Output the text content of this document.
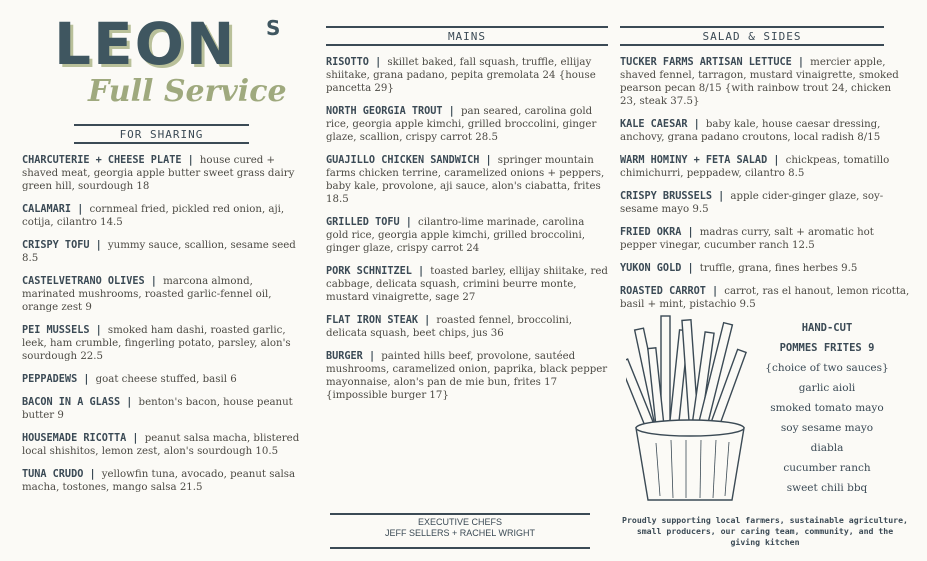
LEON S
Full Service
FOR SHARING
CHARCUTERIE + CHEESE PLATE | house cured + shaved meat, georgia apple butter sweet grass dairy green hill, sourdough 18
CALAMARI | cornmeal fried, pickled red onion, aji, cotija, cilantro 14.5
CRISPY TOFU | yummy sauce, scallion, sesame seed 8.5
CASTELVETRANO OLIVES | marcona almond, marinated mushrooms, roasted garlic-fennel oil, orange zest 9
PEI MUSSELS | smoked ham dashi, roasted garlic, leek, ham crumble, fingerling potato, parsley, alon's sourdough 22.5
PEPPADEWS | goat cheese stuffed, basil 6
BACON IN A GLASS | benton's bacon, house peanut butter 9
HOUSEMADE RICOTTA | peanut salsa macha, blistered local shishitos, lemon zest, alon's sourdough 10.5
TUNA CRUDO | yellowfin tuna, avocado, peanut salsa macha, tostones, mango salsa 21.5
MAINS
RISOTTO | skillet baked, fall squash, truffle, ellijay shiitake, grana padano, pepita gremolata 24 {house pancetta 29}
NORTH GEORGIA TROUT | pan seared, carolina gold rice, georgia apple kimchi, grilled broccolini, ginger glaze, scallion, crispy carrot 28.5
GUAJILLO CHICKEN SANDWICH | springer mountain farms chicken terrine, caramelized onions + peppers, baby kale, provolone, aji sauce, alon's ciabatta, frites 18.5
GRILLED TOFU | cilantro-lime marinade, carolina gold rice, georgia apple kimchi, grilled broccolini, ginger glaze, crispy carrot 24
PORK SCHNITZEL | toasted barley, ellijay shiitake, red cabbage, delicata squash, crimini beurre monte, mustard vinaigrette, sage 27
FLAT IRON STEAK | roasted fennel, broccolini, delicata squash, beet chips, jus 36
BURGER | painted hills beef, provolone, sautéed mushrooms, caramelized onion, paprika, black pepper mayonnaise, alon's pan de mie bun, frites 17 {impossible burger 17}
EXECUTIVE CHEFS
JEFF SELLERS + RACHEL WRIGHT
SALAD & SIDES
TUCKER FARMS ARTISAN LETTUCE | mercier apple, shaved fennel, tarragon, mustard vinaigrette, smoked pearson pecan 8/15 {with rainbow trout 24, chicken 23, steak 37.5}
KALE CAESAR | baby kale, house caesar dressing, anchovy, grana padano croutons, local radish 8/15
WARM HOMINY + FETA SALAD | chickpeas, tomatillo chimichurri, peppadew, cilantro 8.5
CRISPY BRUSSELS | apple cider-ginger glaze, soy-sesame mayo 9.5
FRIED OKRA | madras curry, salt + aromatic hot pepper vinegar, cucumber ranch 12.5
YUKON GOLD | truffle, grana, fines herbes 9.5
ROASTED CARROT | carrot, ras el hanout, lemon ricotta, basil + mint, pistachio 9.5
HAND-CUT
POMMES FRITES 9
{choice of two sauces}
garlic aioli
smoked tomato mayo
soy sesame mayo
diabla
cucumber ranch
sweet chili bbq
Proudly supporting local farmers, sustainable agriculture, small producers, our caring team, community, and the giving kitchen
